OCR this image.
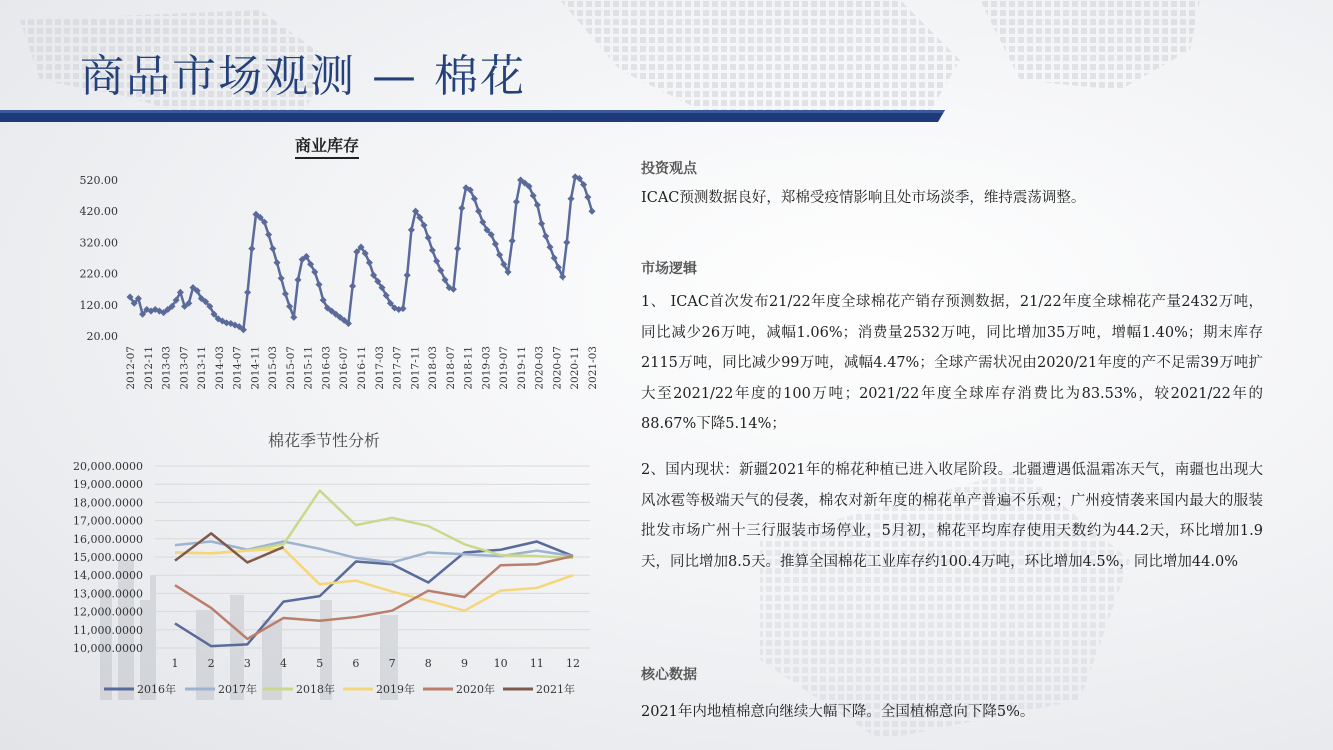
商品市场观测 — 棉花
商业库存
520.00
420.00
320.00
220.00
120.00
20.00
2012-07 2012-11 2013-03 2013-07 2013-11 2014-03 2014-07 2014-11 2015-03 2015-07 2015-11 2016-03 2016-07 2016-11 2017-03 2017-07 2017-11 2018-03 2018-07 2018-11 2019-03 2019-07 2019-11 2020-03 2020-07 2020-11 2021-03
棉花季节性分析
20,000.0000
19,000.0000
18,000.0000
17,000.0000
16,000.0000
15,000.0000
14,000.0000
13,000.0000
12,000.0000
11,000.0000
10,000.0000
1	2	3	4	5	6	7	8	9 10 11 12
2016年	2017年	2018年	2019年	2020年	2021年
投资观点
ICAC预测数据良好，郑棉受疫情影响且处市场淡季，维持震荡调整。
市场逻辑
1、 ICAC首次发布21/22年度全球棉花产销存预测数据，21/22年度全球棉花产量2432万吨，同比减少26万吨，减幅1.06%；消费量2532万吨，同比增加35万吨，增幅1.40%；期末库存2115万吨，同比减少99万吨，减幅4.47%；全球产需状况由2020/21年度的产不足需39万吨扩大至2021/22年度的100万吨；2021/22年度全球库存消费比为83.53%，较2021/22年的88.67%下降5.14%；
2、国内现状：新疆2021年的棉花种植已进入收尾阶段。北疆遭遇低温霜冻天气，南疆也出现大风冰雹等极端天气的侵袭，棉农对新年度的棉花单产普遍不乐观；广州疫情袭来国内最大的服装批发市场广州十三行服装市场停业，5月初，棉花平均库存使用天数约为44.2天，环比增加1.9天，同比增加8.5天。推算全国棉花工业库存约100.4万吨，环比增加4.5%，同比增加44.0%
核心数据
2021年内地植棉意向继续大幅下降。全国植棉意向下降5%。
